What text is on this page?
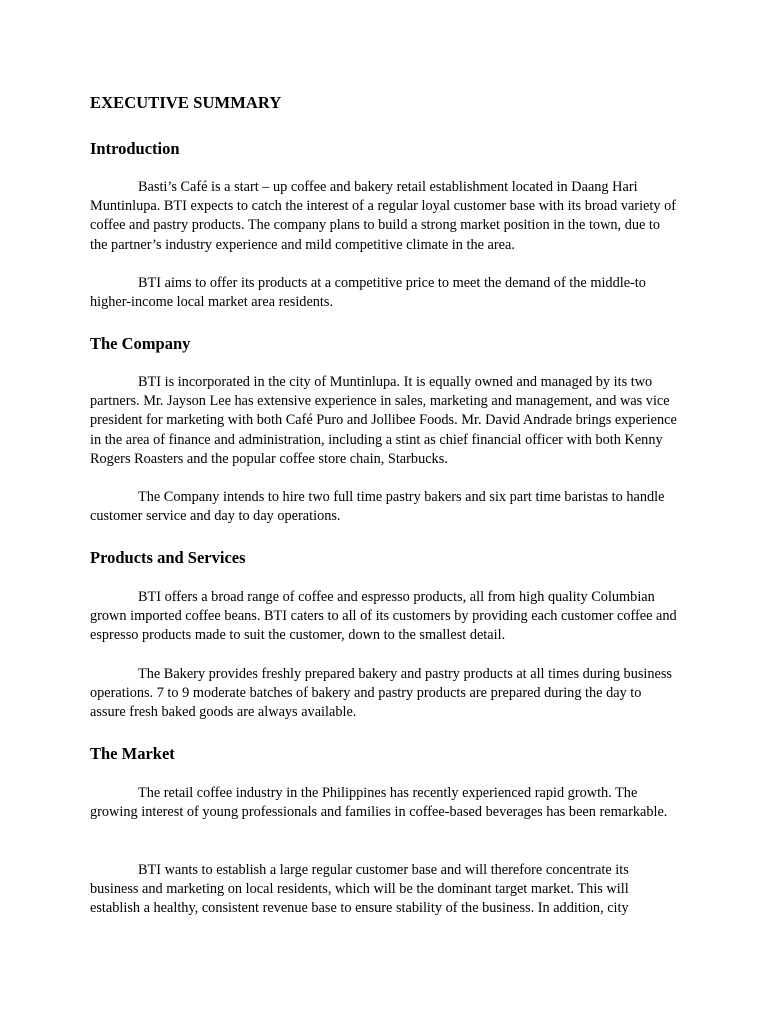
EXECUTIVE SUMMARY
Introduction

Basti’s Café is a start – up coffee and bakery retail establishment located in Daang Hari Muntinlupa. BTI expects to catch the interest of a regular loyal customer base with its broad variety of coffee and pastry products. The company plans to build a strong market position in the town, due to the partner’s industry experience and mild competitive climate in the area.

BTI aims to offer its products at a competitive price to meet the demand of the middle-to higher-income local market area residents.

The Company

BTI is incorporated in the city of Muntinlupa. It is equally owned and managed by its two partners. Mr. Jayson Lee has extensive experience in sales, marketing and management, and was vice president for marketing with both Café Puro and Jollibee Foods. Mr. David Andrade brings experience in the area of finance and administration, including a stint as chief financial officer with both Kenny Rogers Roasters and the popular coffee store chain, Starbucks.

The Company intends to hire two full time pastry bakers and six part time baristas to handle customer service and day to day operations.

Products and Services

BTI offers a broad range of coffee and espresso products, all from high quality Columbian grown imported coffee beans. BTI caters to all of its customers by providing each customer coffee and espresso products made to suit the customer, down to the smallest detail.

The Bakery provides freshly prepared bakery and pastry products at all times during business operations. 7 to 9 moderate batches of bakery and pastry products are prepared during the day to assure fresh baked goods are always available.

The Market

The retail coffee industry in the Philippines has recently experienced rapid growth. The growing interest of young professionals and families in coffee-based beverages has been remarkable.

BTI wants to establish a large regular customer base and will therefore concentrate its business and marketing on local residents, which will be the dominant target market. This will establish a healthy, consistent revenue base to ensure stability of the business. In addition, city
